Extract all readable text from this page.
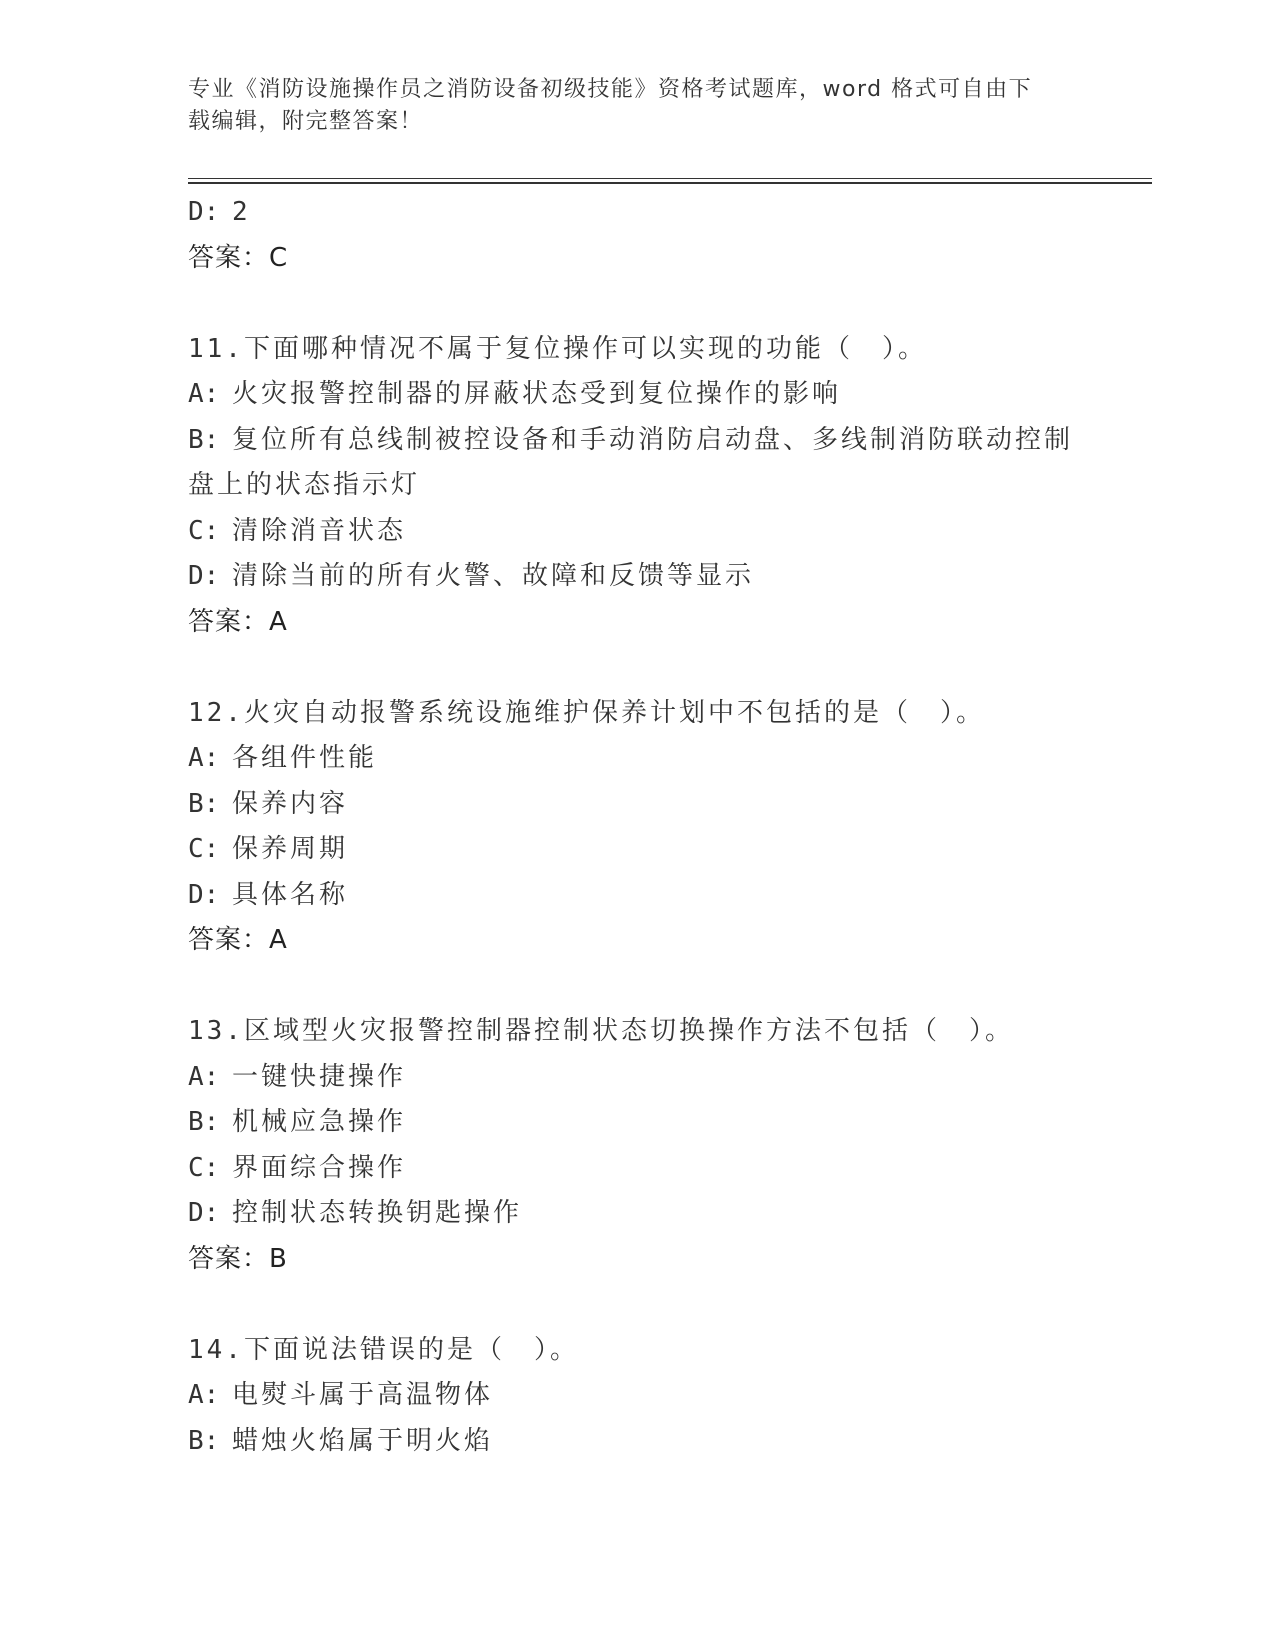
专业《消防设施操作员之消防设备初级技能》资格考试题库，word 格式可自由下
载编辑，附完整答案！
D: 2
答案：C
11.下面哪种情况不属于复位操作可以实现的功能（　）。
A: 火灾报警控制器的屏蔽状态受到复位操作的影响
B: 复位所有总线制被控设备和手动消防启动盘、多线制消防联动控制
盘上的状态指示灯
C: 清除消音状态
D: 清除当前的所有火警、故障和反馈等显示
答案：A
12.火灾自动报警系统设施维护保养计划中不包括的是（　）。
A: 各组件性能
B: 保养内容
C: 保养周期
D: 具体名称
答案：A
13.区域型火灾报警控制器控制状态切换操作方法不包括（　）。
A: 一键快捷操作
B: 机械应急操作
C: 界面综合操作
D: 控制状态转换钥匙操作
答案：B
14.下面说法错误的是（　）。
A: 电熨斗属于高温物体
B: 蜡烛火焰属于明火焰
